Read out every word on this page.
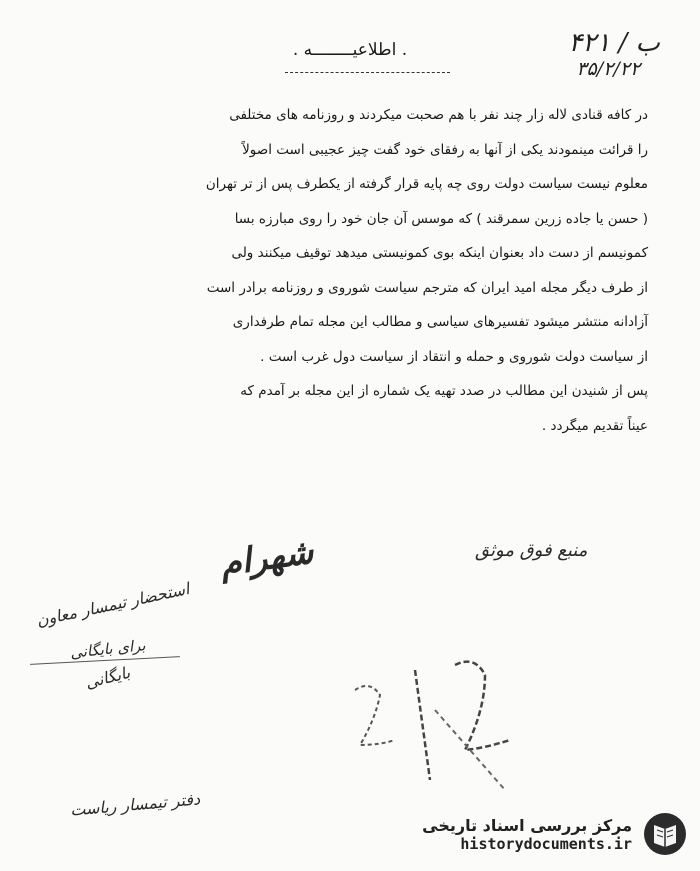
۴۲۱ / ب
۳۵/۲/۲۲
. اطلاعیــــــــه .

در کافه قنادی لاله زار چند نفر با هم صحبت میکردند و روزنامه های مختلفی

را قرائت مینمودند یکی از آنها به رفقای خود گفت چیز عجیبی است اصولاً

معلوم نیست سیاست دولت روی چه پایه قرار گرفته از یکطرف پس از تر تهران

( حسن یا جاده زرین سمرقند ) که موسس آن جان خود را روی مبارزه بسا

کمونیسم از دست داد بعنوان اینکه بوی کمونیستی میدهد توقیف میکنند ولی

از طرف دیگر مجله امید ایران که مترجم سیاست شوروی و روزنامه برادر است

آزادانه منتشر میشود تفسیرهای سیاسی و مطالب این مجله تمام طرفداری

از سیاست دولت شوروی و حمله و انتقاد از سیاست دول غرب است .

پس از شنیدن این مطالب در صدد تهیه یک شماره از این مجله بر آمدم که

عیناً تقدیم میگردد .

منبع فوق موثق
شهرام
استحضار تیمسار معاون
برای بایگانی
بایگانی
دفتر تیمسار ریاست
مرکز بررسی اسناد تاریخی
historydocuments.ir
